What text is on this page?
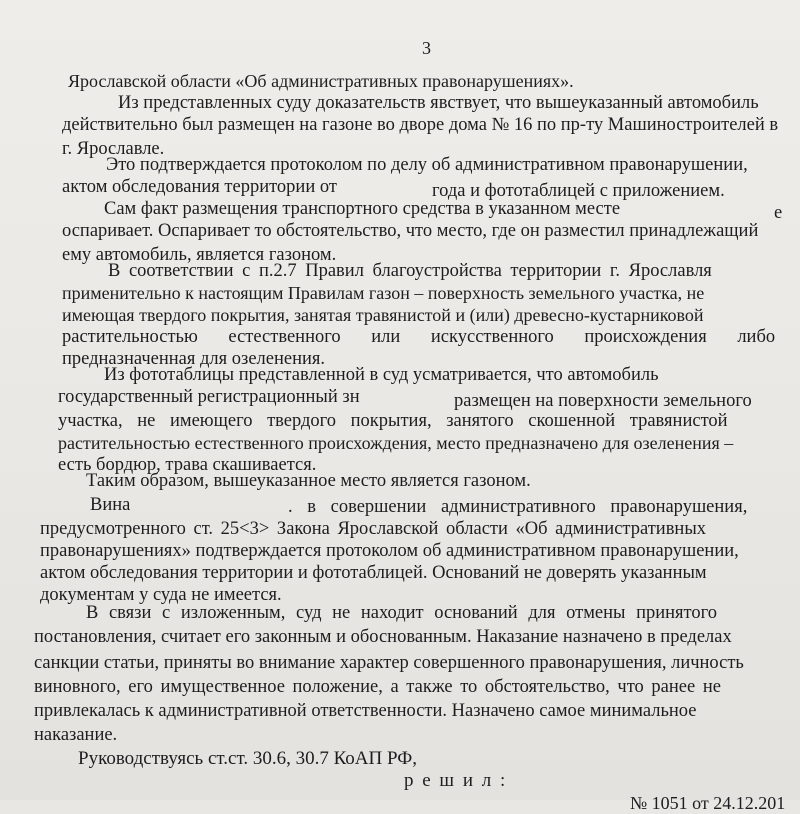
3
Ярославской области «Об административных правонарушениях».
Из представленных суду доказательств явствует, что вышеуказанный автомобиль
действительно был размещен на газоне во дворе дома № 16 по пр-ту Машиностроителей в
г. Ярославле.
Это подтверждается протоколом по делу об административном правонарушении,
актом обследования территории от	года и фототаблицей с приложением.
Сам факт размещения транспортного средства в указанном месте	е
оспаривает. Оспаривает то обстоятельство, что место, где он разместил принадлежащий
ему автомобиль, является газоном.
В соответствии с п.2.7 Правил благоустройства территории г. Ярославля
применительно к настоящим Правилам газон – поверхность земельного участка, не
имеющая твердого покрытия, занятая травянистой и (или) древесно-кустарниковой
растительностью естественного или искусственного происхождения либо
предназначенная для озеленения.
Из фототаблицы представленной в суд усматривается, что автомобиль
государственный регистрационный зн	размещен на поверхности земельного
участка, не имеющего твердого покрытия, занятого скошенной травянистой
растительностью естественного происхождения, место предназначено для озеленения –
есть бордюр, трава скашивается.
Таким образом, вышеуказанное место является газоном.
Вина	. в совершении административного правонарушения,
предусмотренного ст. 25<3> Закона Ярославской области «Об административных
правонарушениях» подтверждается протоколом об административном правонарушении,
актом обследования территории и фототаблицей. Оснований не доверять указанным
документам у суда не имеется.
В связи с изложенным, суд не находит оснований для отмены принятого
постановления, считает его законным и обоснованным. Наказание назначено в пределах
санкции статьи, приняты во внимание характер совершенного правонарушения, личность
виновного, его имущественное положение, а также то обстоятельство, что ранее не
привлекалась к административной ответственности. Назначено самое минимальное
наказание.
Руководствуясь ст.ст. 30.6, 30.7 КоАП РФ,
р е ш и л :
№ 1051 от 24.12.201
